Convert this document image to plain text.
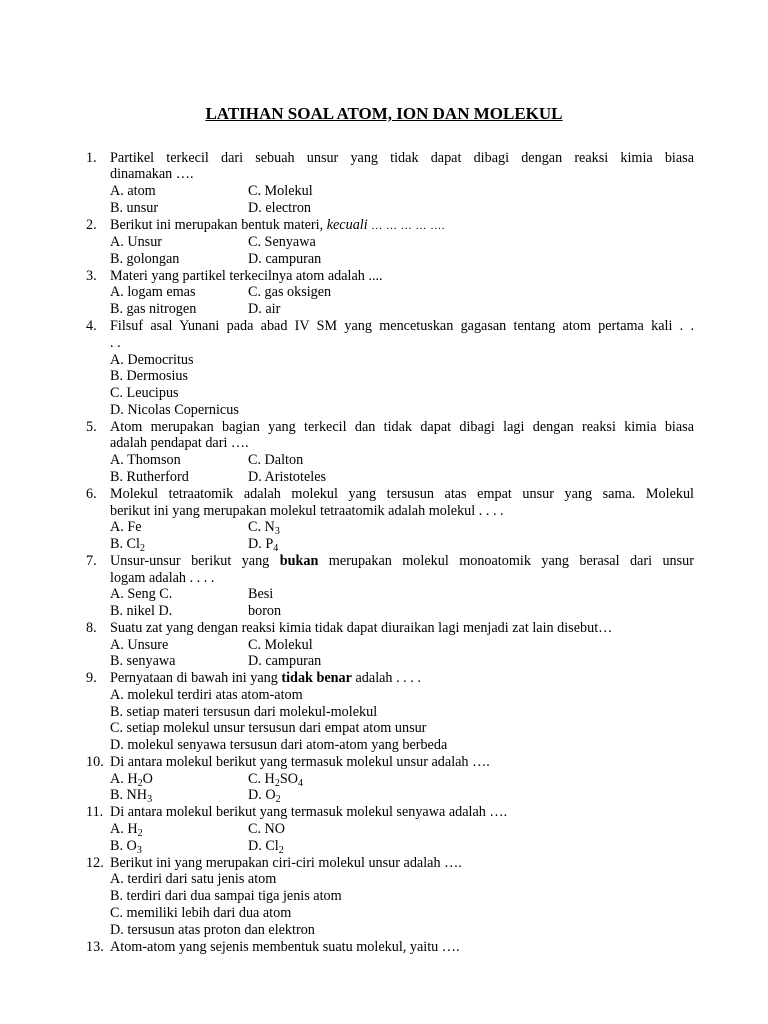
LATIHAN SOAL ATOM, ION DAN MOLEKUL
1. Partikel terkecil dari sebuah unsur yang tidak dapat dibagi dengan reaksi kimia biasa
dinamakan ….
A. atom	C. Molekul
B. unsur	D. electron
2. Berikut ini merupakan bentuk materi, kecuali … … … … ….
A. Unsur	C. Senyawa
B. golongan	D. campuran
3. Materi yang partikel terkecilnya atom adalah ....
A. logam emas	C. gas oksigen
B. gas nitrogen	D. air
4. Filsuf asal Yunani pada abad IV SM yang mencetuskan gagasan tentang atom pertama kali . .
. .
A. Democritus
B. Dermosius
C. Leucipus
D. Nicolas Copernicus
5. Atom merupakan bagian yang terkecil dan tidak dapat dibagi lagi dengan reaksi kimia biasa
adalah pendapat dari ….
A. Thomson	C. Dalton
B. Rutherford	D. Aristoteles
6. Molekul tetraatomik adalah molekul yang tersusun atas empat unsur yang sama. Molekul
berikut ini yang merupakan molekul tetraatomik adalah molekul . . . .
A. Fe	C. $N_3$
B. $Cl_2$	D. $P_4$
7. Unsur-unsur berikut yang bukan merupakan molekul monoatomik yang berasal dari unsur
logam adalah . . . .
A. Seng C.	Besi
B. nikel D.	boron
8. Suatu zat yang dengan reaksi kimia tidak dapat diuraikan lagi menjadi zat lain disebut…
A. Unsure	C. Molekul
B. senyawa	D. campuran
9. Pernyataan di bawah ini yang tidak benar adalah . . . .
A. molekul terdiri atas atom-atom
B. setiap materi tersusun dari molekul-molekul
C. setiap molekul unsur tersusun dari empat atom unsur
D. molekul senyawa tersusun dari atom-atom yang berbeda
10. Di antara molekul berikut yang termasuk molekul unsur adalah ….
A. $H_2O$	C. $H_2SO_4$
B. $NH_3$	D. $O_2$
11. Di antara molekul berikut yang termasuk molekul senyawa adalah ….
A. $H_2$	C. NO
B. $O_3$	D. $Cl_2$
12. Berikut ini yang merupakan ciri-ciri molekul unsur adalah ….
A. terdiri dari satu jenis atom
B. terdiri dari dua sampai tiga jenis atom
C. memiliki lebih dari dua atom
D. tersusun atas proton dan elektron
13. Atom-atom yang sejenis membentuk suatu molekul, yaitu ….
